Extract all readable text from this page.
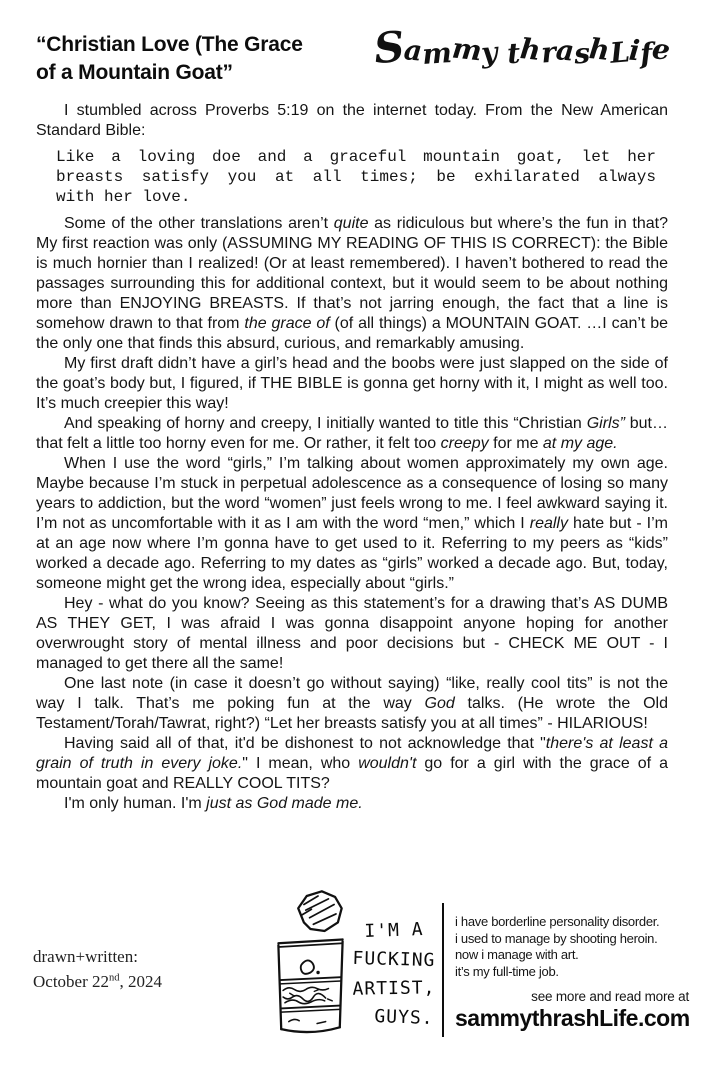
“Christian Love (The Grace
of a Mountain Goat”	Sammy thrashLife

I stumbled across Proverbs 5:19 on the internet today. From the New American Standard Bible:

Like a loving doe and a graceful mountain goat, let her
breasts satisfy you at all times; be exhilarated always
with her love.

Some of the other translations aren’t quite as ridiculous but where’s the fun in that? My first reaction was only (ASSUMING MY READING OF THIS IS CORRECT): the Bible is much hornier than I realized! (Or at least remembered). I haven’t bothered to read the passages surrounding this for additional context, but it would seem to be about nothing more than ENJOYING BREASTS. If that’s not jarring enough, the fact that a line is somehow drawn to that from the grace of (of all things) a MOUNTAIN GOAT. …I can’t be the only one that finds this absurd, curious, and remarkably amusing.

My first draft didn’t have a girl’s head and the boobs were just slapped on the side of the goat’s body but, I figured, if THE BIBLE is gonna get horny with it, I might as well too. It’s much creepier this way!

And speaking of horny and creepy, I initially wanted to title this “Christian Girls” but… that felt a little too horny even for me. Or rather, it felt too creepy for me at my age.

When I use the word “girls,” I’m talking about women approximately my own age. Maybe because I’m stuck in perpetual adolescence as a consequence of losing so many years to addiction, but the word “women” just feels wrong to me. I feel awkward saying it. I’m not as uncomfortable with it as I am with the word “men,” which I really hate but - I’m at an age now where I’m gonna have to get used to it. Referring to my peers as “kids” worked a decade ago. Referring to my dates as “girls” worked a decade ago. But, today, someone might get the wrong idea, especially about “girls.”

Hey - what do you know? Seeing as this statement’s for a drawing that’s AS DUMB AS THEY GET, I was afraid I was gonna disappoint anyone hoping for another overwrought story of mental illness and poor decisions but - CHECK ME OUT - I managed to get there all the same!

One last note (in case it doesn’t go without saying) “like, really cool tits” is not the way I talk. That’s me poking fun at the way God talks. (He wrote the Old Testament/Torah/Tawrat, right?) “Let her breasts satisfy you at all times” - HILARIOUS!

Having said all of that, it'd be dishonest to not acknowledge that "there's at least a grain of truth in every joke." I mean, who wouldn't go for a girl with the grace of a mountain goat and REALLY COOL TITS?

I'm only human. I'm just as God made me.

drawn+written:
October 22nd, 2024
I'M A
FUCKING
ARTIST,
GUYS.
i have borderline personality disorder.
i used to manage by shooting heroin.
now i manage with art.
it’s my full-time job.
see more and read more at
sammythrashLife.com
